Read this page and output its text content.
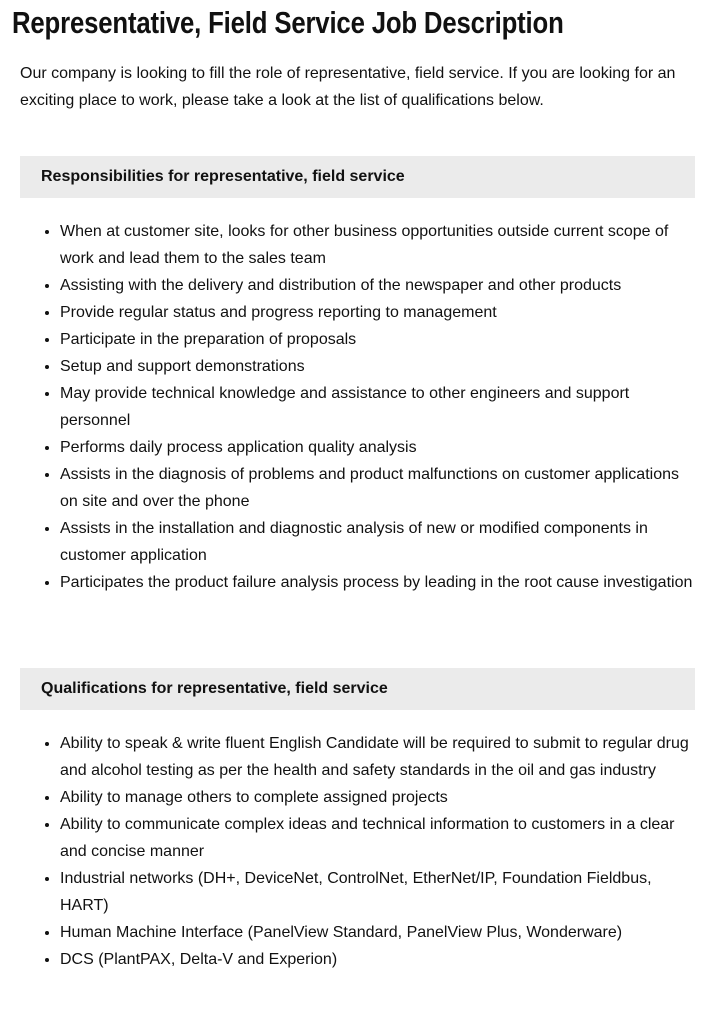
Representative, Field Service Job Description

Our company is looking to fill the role of representative, field service. If you are looking for an exciting place to work, please take a look at the list of qualifications below.

Responsibilities for representative, field service
• When at customer site, looks for other business opportunities outside current scope of work and lead them to the sales team
• Assisting with the delivery and distribution of the newspaper and other products
• Provide regular status and progress reporting to management
• Participate in the preparation of proposals
• Setup and support demonstrations
• May provide technical knowledge and assistance to other engineers and support personnel
• Performs daily process application quality analysis
• Assists in the diagnosis of problems and product malfunctions on customer applications on site and over the phone
• Assists in the installation and diagnostic analysis of new or modified components in customer application
• Participates the product failure analysis process by leading in the root cause investigation
Qualifications for representative, field service
• Ability to speak & write fluent English Candidate will be required to submit to regular drug and alcohol testing as per the health and safety standards in the oil and gas industry
• Ability to manage others to complete assigned projects
• Ability to communicate complex ideas and technical information to customers in a clear and concise manner
• Industrial networks (DH+, DeviceNet, ControlNet, EtherNet/IP, Foundation Fieldbus, HART)
• Human Machine Interface (PanelView Standard, PanelView Plus, Wonderware)
• DCS (PlantPAX, Delta-V and Experion)
